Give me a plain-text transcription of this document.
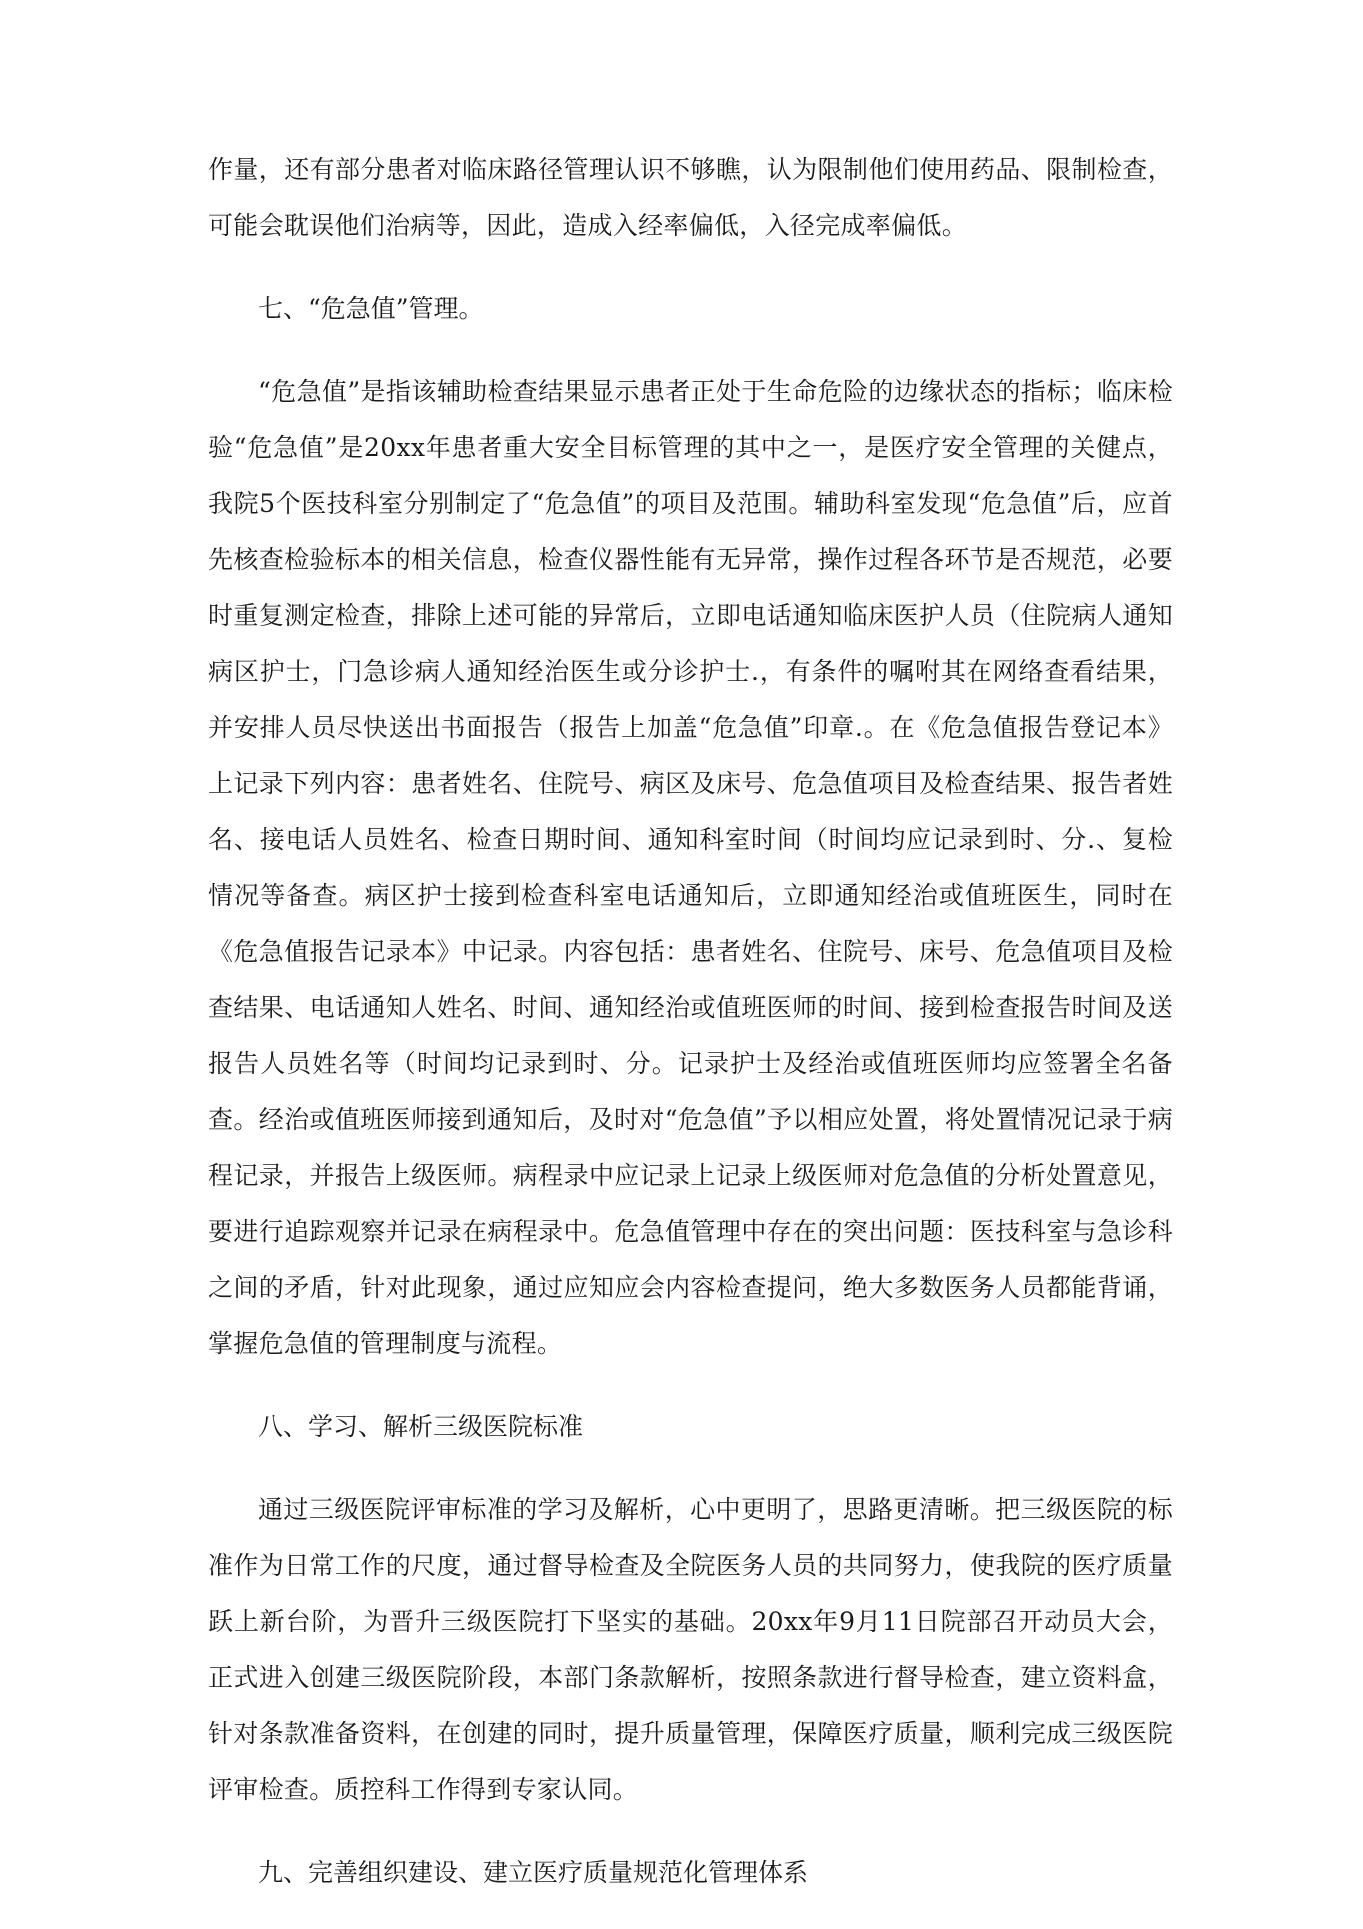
作量，还有部分患者对临床路径管理认识不够瞧，认为限制他们使用药品、限制检查，可能会耽误他们治病等，因此，造成入经率偏低，入径完成率偏低。

七、“危急值”管理。

“危急值”是指该辅助检查结果显示患者正处于生命危险的边缘状态的指标；临床检验“危急值”是20xx年患者重大安全目标管理的其中之一，是医疗安全管理的关健点，我院5个医技科室分别制定了“危急值”的项目及范围。辅助科室发现“危急值”后，应首先核查检验标本的相关信息，检查仪器性能有无异常，操作过程各环节是否规范，必要时重复测定检查，排除上述可能的异常后，立即电话通知临床医护人员（住院病人通知病区护士，门急诊病人通知经治医生或分诊护士.，有条件的嘱咐其在网络查看结果，并安排人员尽快送出书面报告（报告上加盖“危急值”印章.。在《危急值报告登记本》上记录下列内容：患者姓名、住院号、病区及床号、危急值项目及检查结果、报告者姓名、接电话人员姓名、检查日期时间、通知科室时间（时间均应记录到时、分.、复检情况等备查。病区护士接到检查科室电话通知后，立即通知经治或值班医生，同时在《危急值报告记录本》中记录。内容包括：患者姓名、住院号、床号、危急值项目及检查结果、电话通知人姓名、时间、通知经治或值班医师的时间、接到检查报告时间及送报告人员姓名等（时间均记录到时、分。记录护士及经治或值班医师均应签署全名备查。经治或值班医师接到通知后，及时对“危急值”予以相应处置，将处置情况记录于病程记录，并报告上级医师。病程录中应记录上记录上级医师对危急值的分析处置意见，要进行追踪观察并记录在病程录中。危急值管理中存在的突出问题：医技科室与急诊科之间的矛盾，针对此现象，通过应知应会内容检查提问，绝大多数医务人员都能背诵，掌握危急值的管理制度与流程。

八、学习、解析三级医院标准

通过三级医院评审标准的学习及解析，心中更明了，思路更清晰。把三级医院的标准作为日常工作的尺度，通过督导检查及全院医务人员的共同努力，使我院的医疗质量跃上新台阶，为晋升三级医院打下坚实的基础。20xx年9月11日院部召开动员大会，正式进入创建三级医院阶段，本部门条款解析，按照条款进行督导检查，建立资料盒，针对条款准备资料，在创建的同时，提升质量管理，保障医疗质量，顺利完成三级医院评审检查。质控科工作得到专家认同。

九、完善组织建设、建立医疗质量规范化管理体系
